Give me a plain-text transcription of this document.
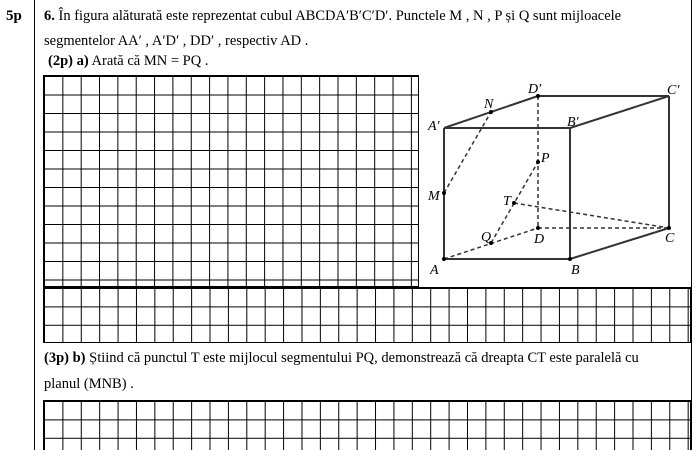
5p 6. În figura alăturată este reprezentat cubul ABCDA′B′C′D′. Punctele M , N , P și Q sunt mijloacele
segmentelor AA′ , A′D′ , DD′ , respectiv AD .
(2p) a) Arată că MN = PQ .
(3p) b) Știind că punctul T este mijlocul segmentului PQ, demonstrează că dreapta CT este paralelă cu
planul (MNB) .
A	B
C
D
A′	B′
C′
D′
M
N
P
Q
T
